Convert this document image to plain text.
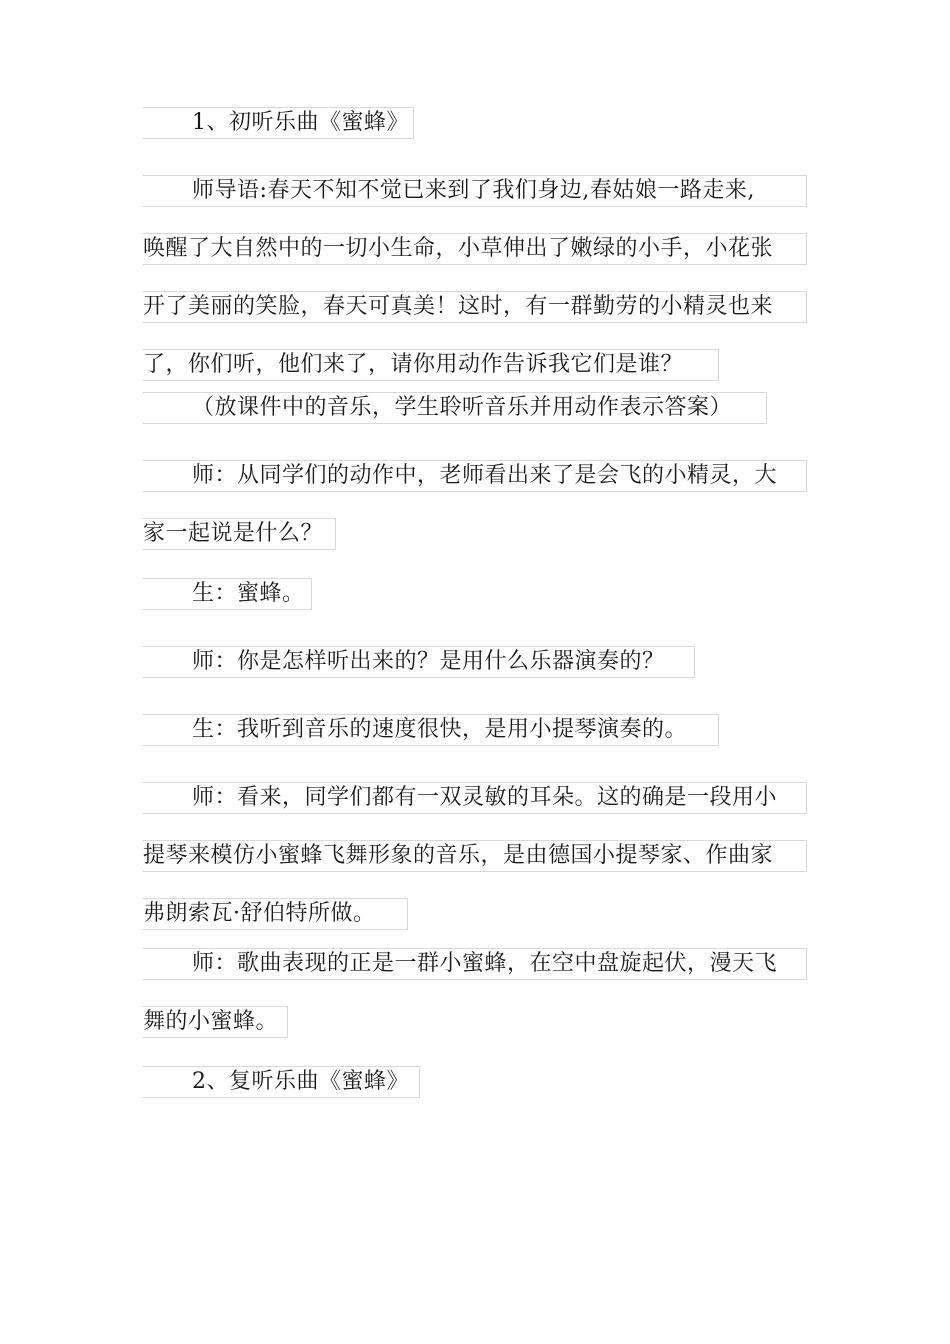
1、初听乐曲《蜜蜂》
师导语:春天不知不觉已来到了我们身边,春姑娘一路走来,
唤醒了大自然中的一切小生命，小草伸出了嫩绿的小手，小花张
开了美丽的笑脸，春天可真美！这时，有一群勤劳的小精灵也来
了，你们听，他们来了，请你用动作告诉我它们是谁？
（放课件中的音乐，学生聆听音乐并用动作表示答案）
师：从同学们的动作中，老师看出来了是会飞的小精灵，大
家一起说是什么？
生：蜜蜂。
师：你是怎样听出来的？是用什么乐器演奏的？
生：我听到音乐的速度很快，是用小提琴演奏的。
师：看来，同学们都有一双灵敏的耳朵。这的确是一段用小
提琴来模仿小蜜蜂飞舞形象的音乐，是由德国小提琴家、作曲家
弗朗索瓦·舒伯特所做。
师：歌曲表现的正是一群小蜜蜂，在空中盘旋起伏，漫天飞
舞的小蜜蜂。
2、复听乐曲《蜜蜂》
